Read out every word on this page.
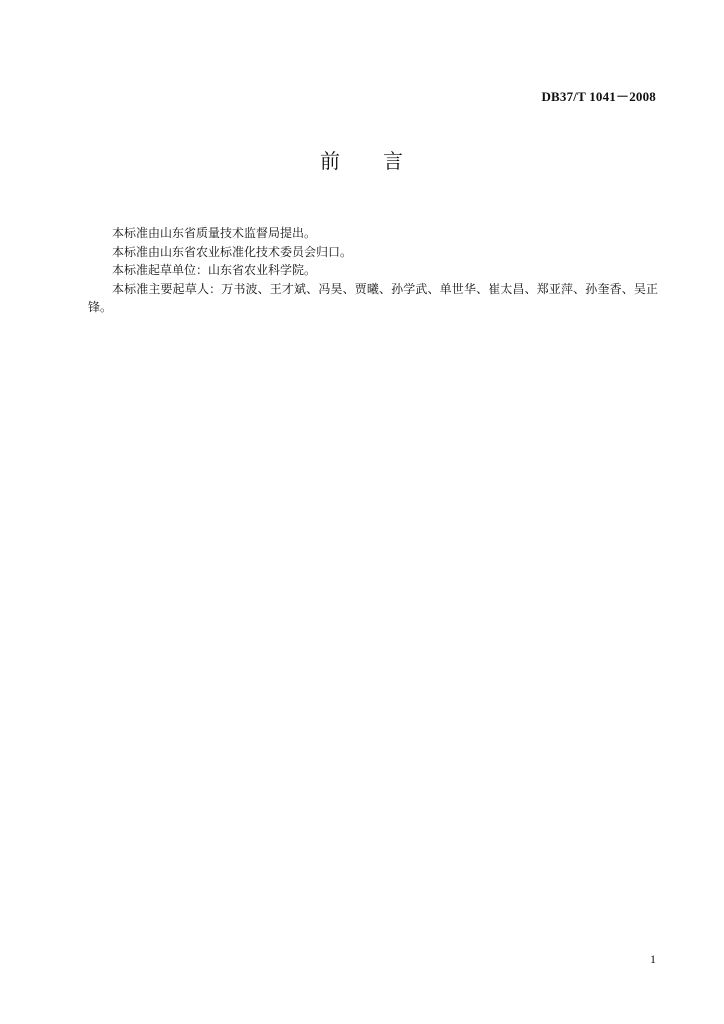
DB37/T 1041－2008
前　　言

本标准由山东省质量技术监督局提出。

本标准由山东省农业标准化技术委员会归口。

本标准起草单位：山东省农业科学院。

本标准主要起草人：万书波、王才斌、冯昊、贾曦、孙学武、单世华、崔太昌、郑亚萍、孙奎香、吴正锋。

1
